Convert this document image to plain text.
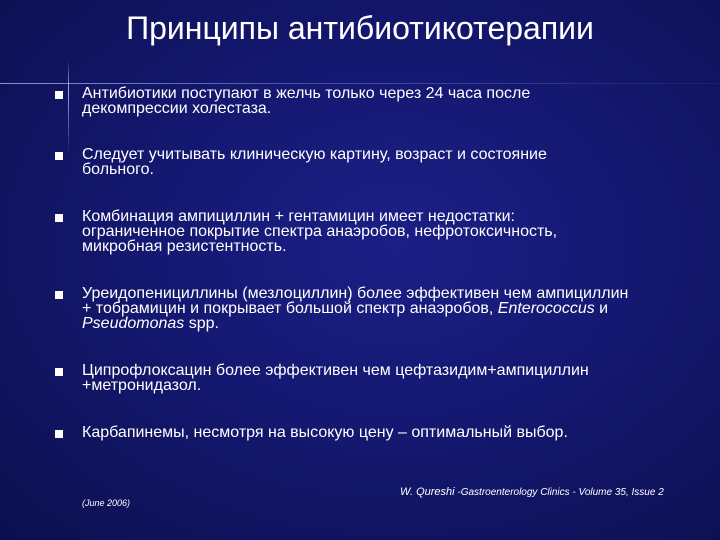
Принципы антибиотикотерапии
Антибиотики поступают в желчь только через 24 часа после
декомпрессии холестаза.
Следует учитывать клиническую картину, возраст и состояние
больного.
Комбинация ампициллин + гентамицин имеет недостатки:
ограниченное покрытие спектра анаэробов, нефротоксичность,
микробная резистентность.
Уреидопенициллины (мезлоциллин) более эффективен чем ампициллин
+ тобрамицин и покрывает большой спектр анаэробов, Enterococcus и
Pseudomonas spp.
Ципрофлоксацин более эффективен чем цефтазидим+ампициллин
+метронидазол.
Карбапинемы, несмотря на высокую цену – оптимальный выбор.
W. Qureshi -Gastroenterology Clinics - Volume 35, Issue 2
(June 2006)
